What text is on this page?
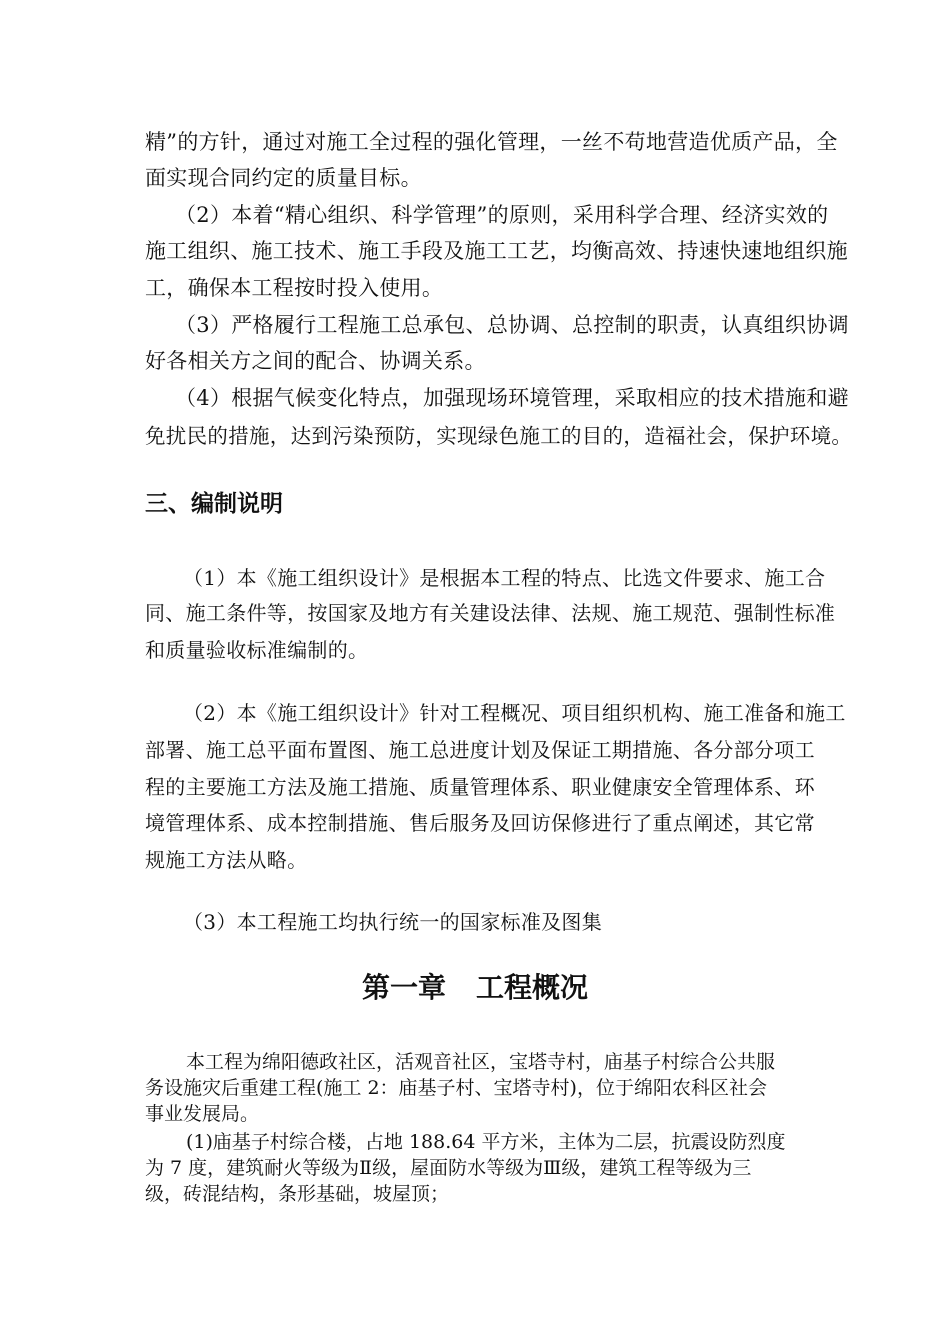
精”的方针，通过对施工全过程的强化管理，一丝不苟地营造优质产品，全

面实现合同约定的质量目标。

（2）本着“精心组织、科学管理”的原则，采用科学合理、经济实效的

施工组织、施工技术、施工手段及施工工艺，均衡高效、持速快速地组织施

工，确保本工程按时投入使用。

（3）严格履行工程施工总承包、总协调、总控制的职责，认真组织协调

好各相关方之间的配合、协调关系。

（4）根据气候变化特点，加强现场环境管理，采取相应的技术措施和避

免扰民的措施，达到污染预防，实现绿色施工的目的，造福社会，保护环境。

三、编制说明

（1）本《施工组织设计》是根据本工程的特点、比选文件要求、施工合

同、施工条件等，按国家及地方有关建设法律、法规、施工规范、强制性标准

和质量验收标准编制的。

（2）本《施工组织设计》针对工程概况、项目组织机构、施工准备和施工

部署、施工总平面布置图、施工总进度计划及保证工期措施、各分部分项工

程的主要施工方法及施工措施、质量管理体系、职业健康安全管理体系、环

境管理体系、成本控制措施、售后服务及回访保修进行了重点阐述，其它常

规施工方法从略。

（3）本工程施工均执行统一的国家标准及图集

第一章 工程概况

本工程为绵阳德政社区，活观音社区，宝塔寺村，庙基子村综合公共服

务设施灾后重建工程(施工 2：庙基子村、宝塔寺村)，位于绵阳农科区社会

事业发展局。

(1)庙基子村综合楼，占地 188.64 平方米，主体为二层，抗震设防烈度

为 7 度，建筑耐火等级为Ⅱ级，屋面防水等级为Ⅲ级，建筑工程等级为三

级，砖混结构，条形基础，坡屋顶；
